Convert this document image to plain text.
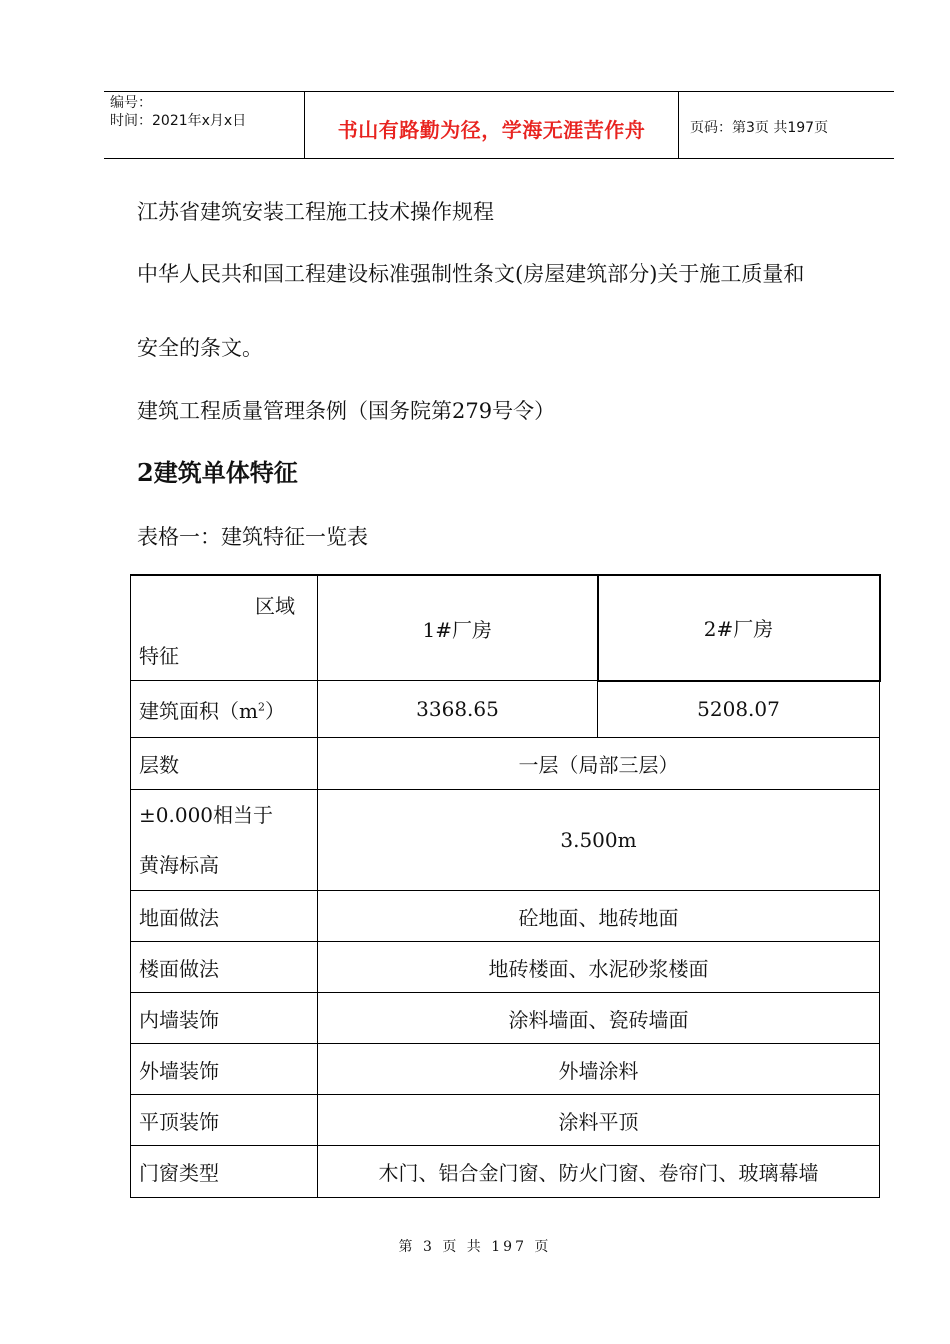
编号：
时间：2021年x月x日	书山有路勤为径，学海无涯苦作舟	页码：第3页 共197页
江苏省建筑安装工程施工技术操作规程
中华人民共和国工程建设标准强制性条文(房屋建筑部分)关于施工质量和
安全的条文。
建筑工程质量管理条例（国务院第279号令）
2建筑单体特征
表格一：建筑特征一览表
区域
特征	1#厂房	2#厂房
建筑面积$(m^2)$	3368.65	5208.07
层数	一层（局部三层）	

±0.000相当于
黄海标高	3.500m	
地面做法	砼地面、地砖地面	
楼面做法	地砖楼面、水泥砂浆楼面	
内墙装饰	涂料墙面、瓷砖墙面	
外墙装饰	外墙涂料	
平顶装饰	涂料平顶	
门窗类型	木门、铝合金门窗、防火门窗、卷帘门、玻璃幕墙	
第 3 页 共 197 页
